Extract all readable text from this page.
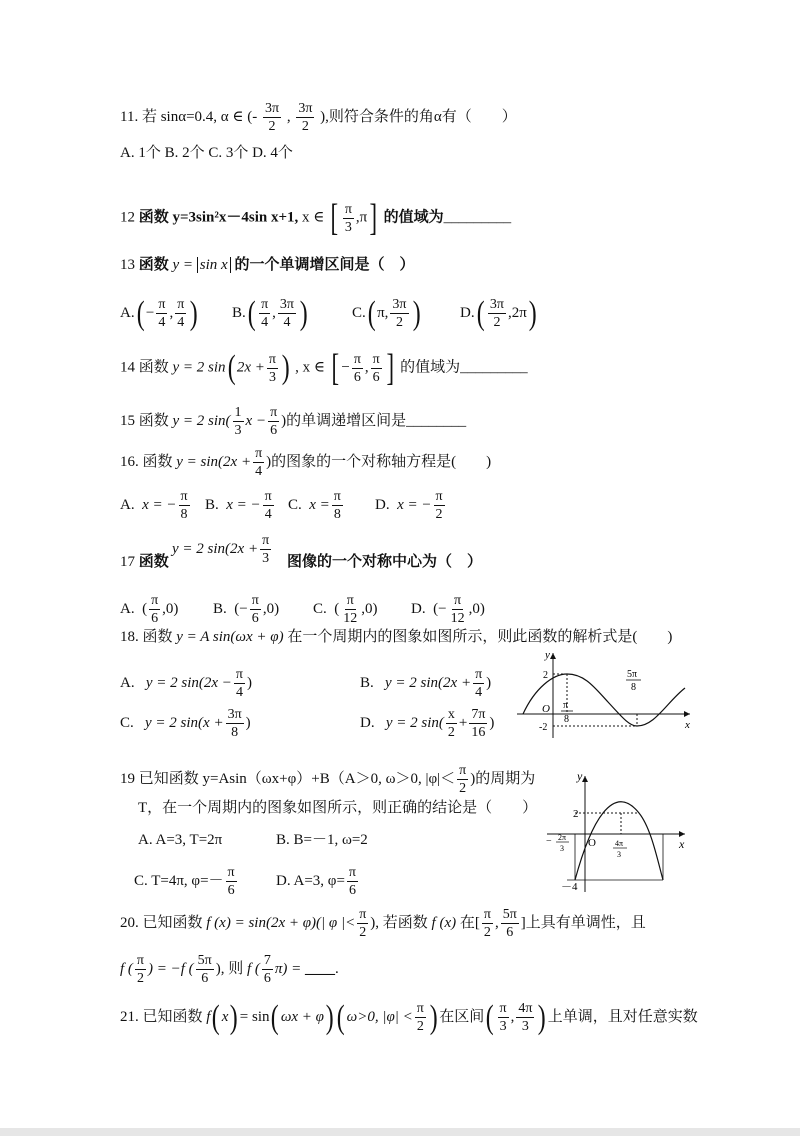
11. 若 sinα=0.4, α ∈ (- $\frac{3\pi}{2}$ , $\frac{3\pi}{2}$ ),则符合条件的角α有（　　）
A. 1个 B. 2个 C. 3个 D. 4个
12 函数 y=3sin²x－4sin x+1, x ∈ [ $\frac{\pi}{3} ,\pi$] 的值域为_________
13 函数 y = sin x 的一个单调增区间是（　）
$A.( - \frac{\pi}{4}$ , $\frac{\pi}{4}$ ) $B.( \frac{\pi}{4}$ , $\frac{3\pi}{4}$ )	C.( π, $\frac{3\pi}{2}$ )	$D.( \frac{3\pi}{2} ,2\pi)$
14 函数 y = 2 sin( $2x + \frac{\pi}{3}$ ) , x ∈ [ − $\frac{\pi}{6}$ , $\frac{\pi}{6}$ ] 的值域为_________
15 函数 y = 2 $\sin( \frac{1}{3}$ $x - \frac{\pi}{6}$ )的单调递增区间是________
16. 函数 $y = \sin(2x + \frac{\pi}{4}$ )的图象的一个对称轴方程是(　　)
A. x = − $\frac{\pi}{8} B$. x = − $\frac{\pi}{4} C$. $x = \frac{\pi}{8} D$. x = − $\frac{\pi}{2}$
y = 2 $\sin(2x + \frac{\pi}{3}$
17 函数	图像的一个对称中心为（　）
A.  ( $\frac{\pi}{6} ,0$) B.  (− $\frac{\pi}{6} ,0$) C.  ( $\frac{\pi}{12} ,0$) D.  (− $\frac{\pi}{12} ,0$)
18. 函数 y = A sin(ωx + φ) 在一个周期内的图象如图所示，则此函数的解析式是(　　)
A. y = 2 $\sin(2x - \frac{\pi}{4}$ )	B. y = 2 $\sin(2x + \frac{\pi}{4}$ )
C. y = 2 $\sin(x + \frac{3\pi}{8}$ )	D. y = 2 $\sin( \frac{x}{2} + \frac{7\pi}{16}$ )
y
x
O
2
-2
π
8
5π
8
19 已知函数 y=Asin（ωx+φ）+B（A＞0, ω＞0, $|\varphi|< \frac{\pi}{2}$ )的周期为
T，在一个周期内的图象如图所示，则正确的结论是（　　）
A. A=3, T=2π	B. B=－1, ω=2
C. T=4π, $\varphi=- \frac{\pi}{6}$	D. A=3, $\varphi= \frac{\pi}{6}$
y
x
O
2
－4
− 2π
3
4π
3
20. 已知函数 f (x) = sin(2x + φ)(| φ |< $\frac{\pi}{2}$ ), 若函数 f (x) 在[ $\frac{\pi}{2}$ , $\frac{5\pi}{6}$ ]上具有单调性，且
f ( $\frac{\pi}{2}$ ) = −f ( $\frac{5\pi}{6}$ ), 则 f ( $\frac{7}{6} \pi$) = ____.
21. 已知函数 f( x) = sin( ωx + φ)( ω>0, $|\varphi| < \frac{\pi}{2}$ ) 在区间( $\frac{\pi}{3}$ , $\frac{4\pi}{3}$ ) 上单调，且对任意实数
